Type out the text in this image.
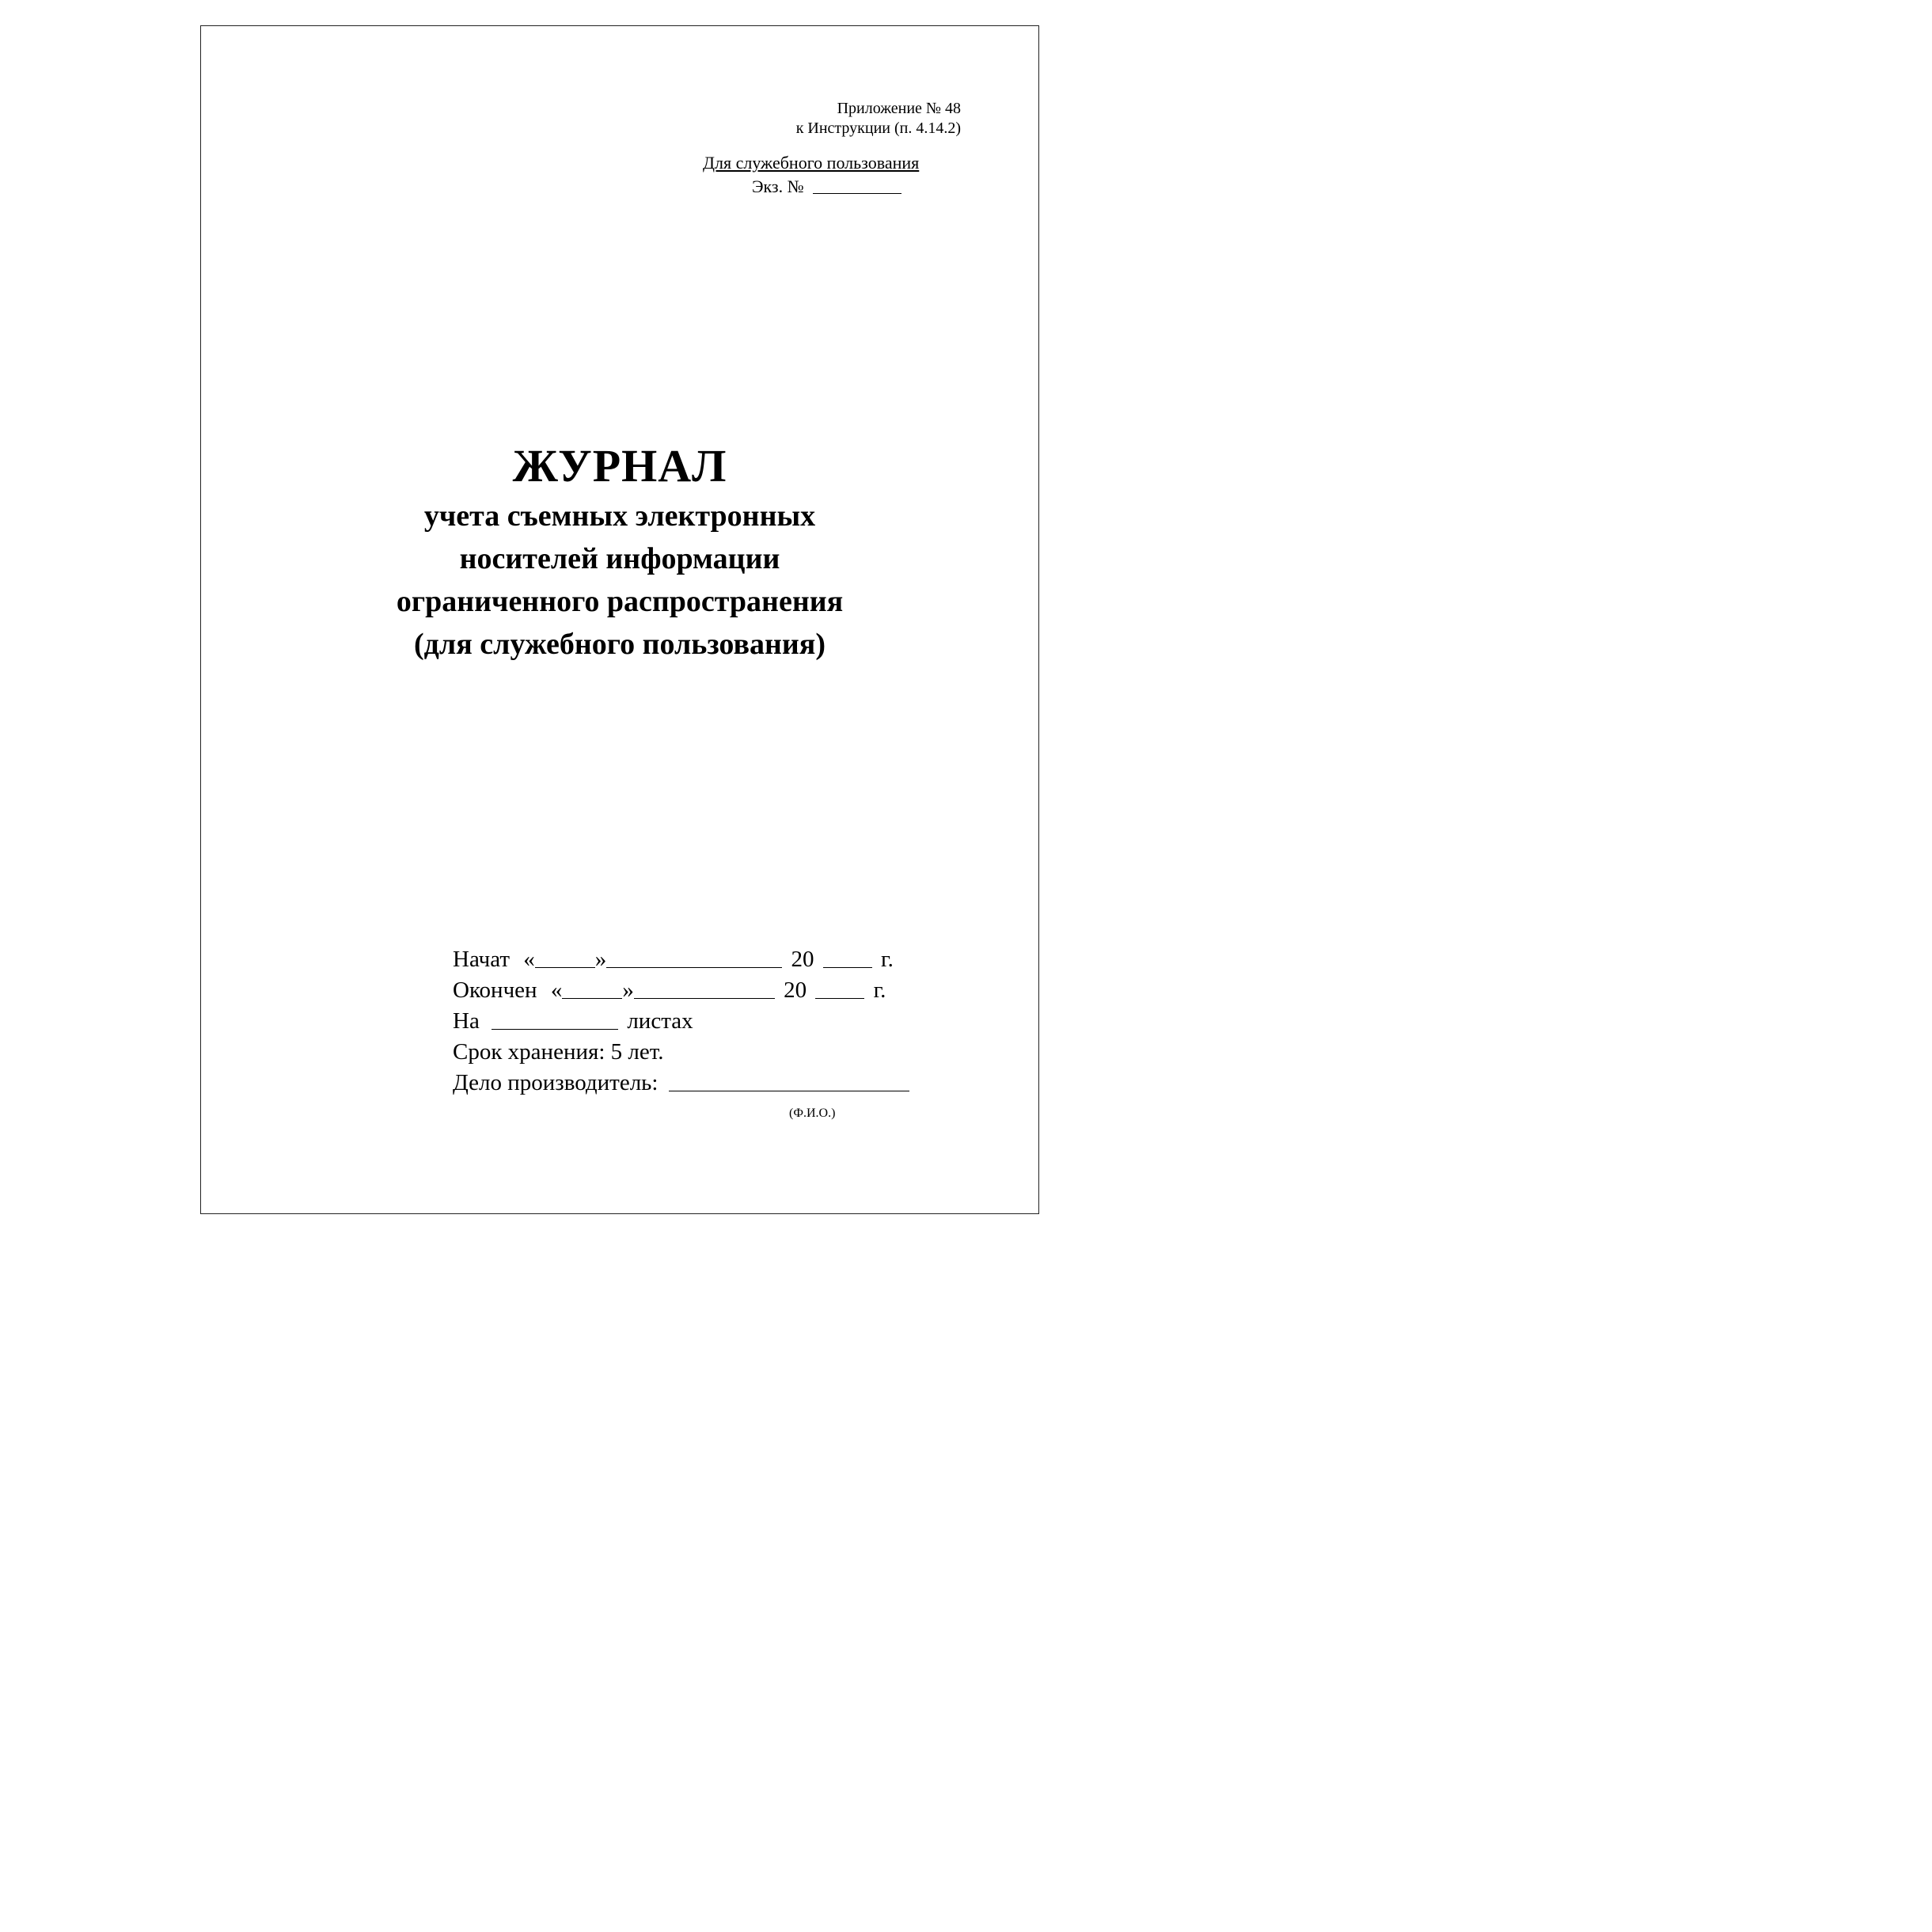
Приложение № 48
к Инструкции (п. 4.14.2)
Для служебного пользования
Экз. №
ЖУРНАЛ
учета съемных электронных
носителей информации
ограниченного распространения
(для служебного пользования)
Начат «	»	20	г.
Окончен «	»	20	г.
На	листах
Срок хранения: 5 лет.
Дело производитель:
(Ф.И.О.)
